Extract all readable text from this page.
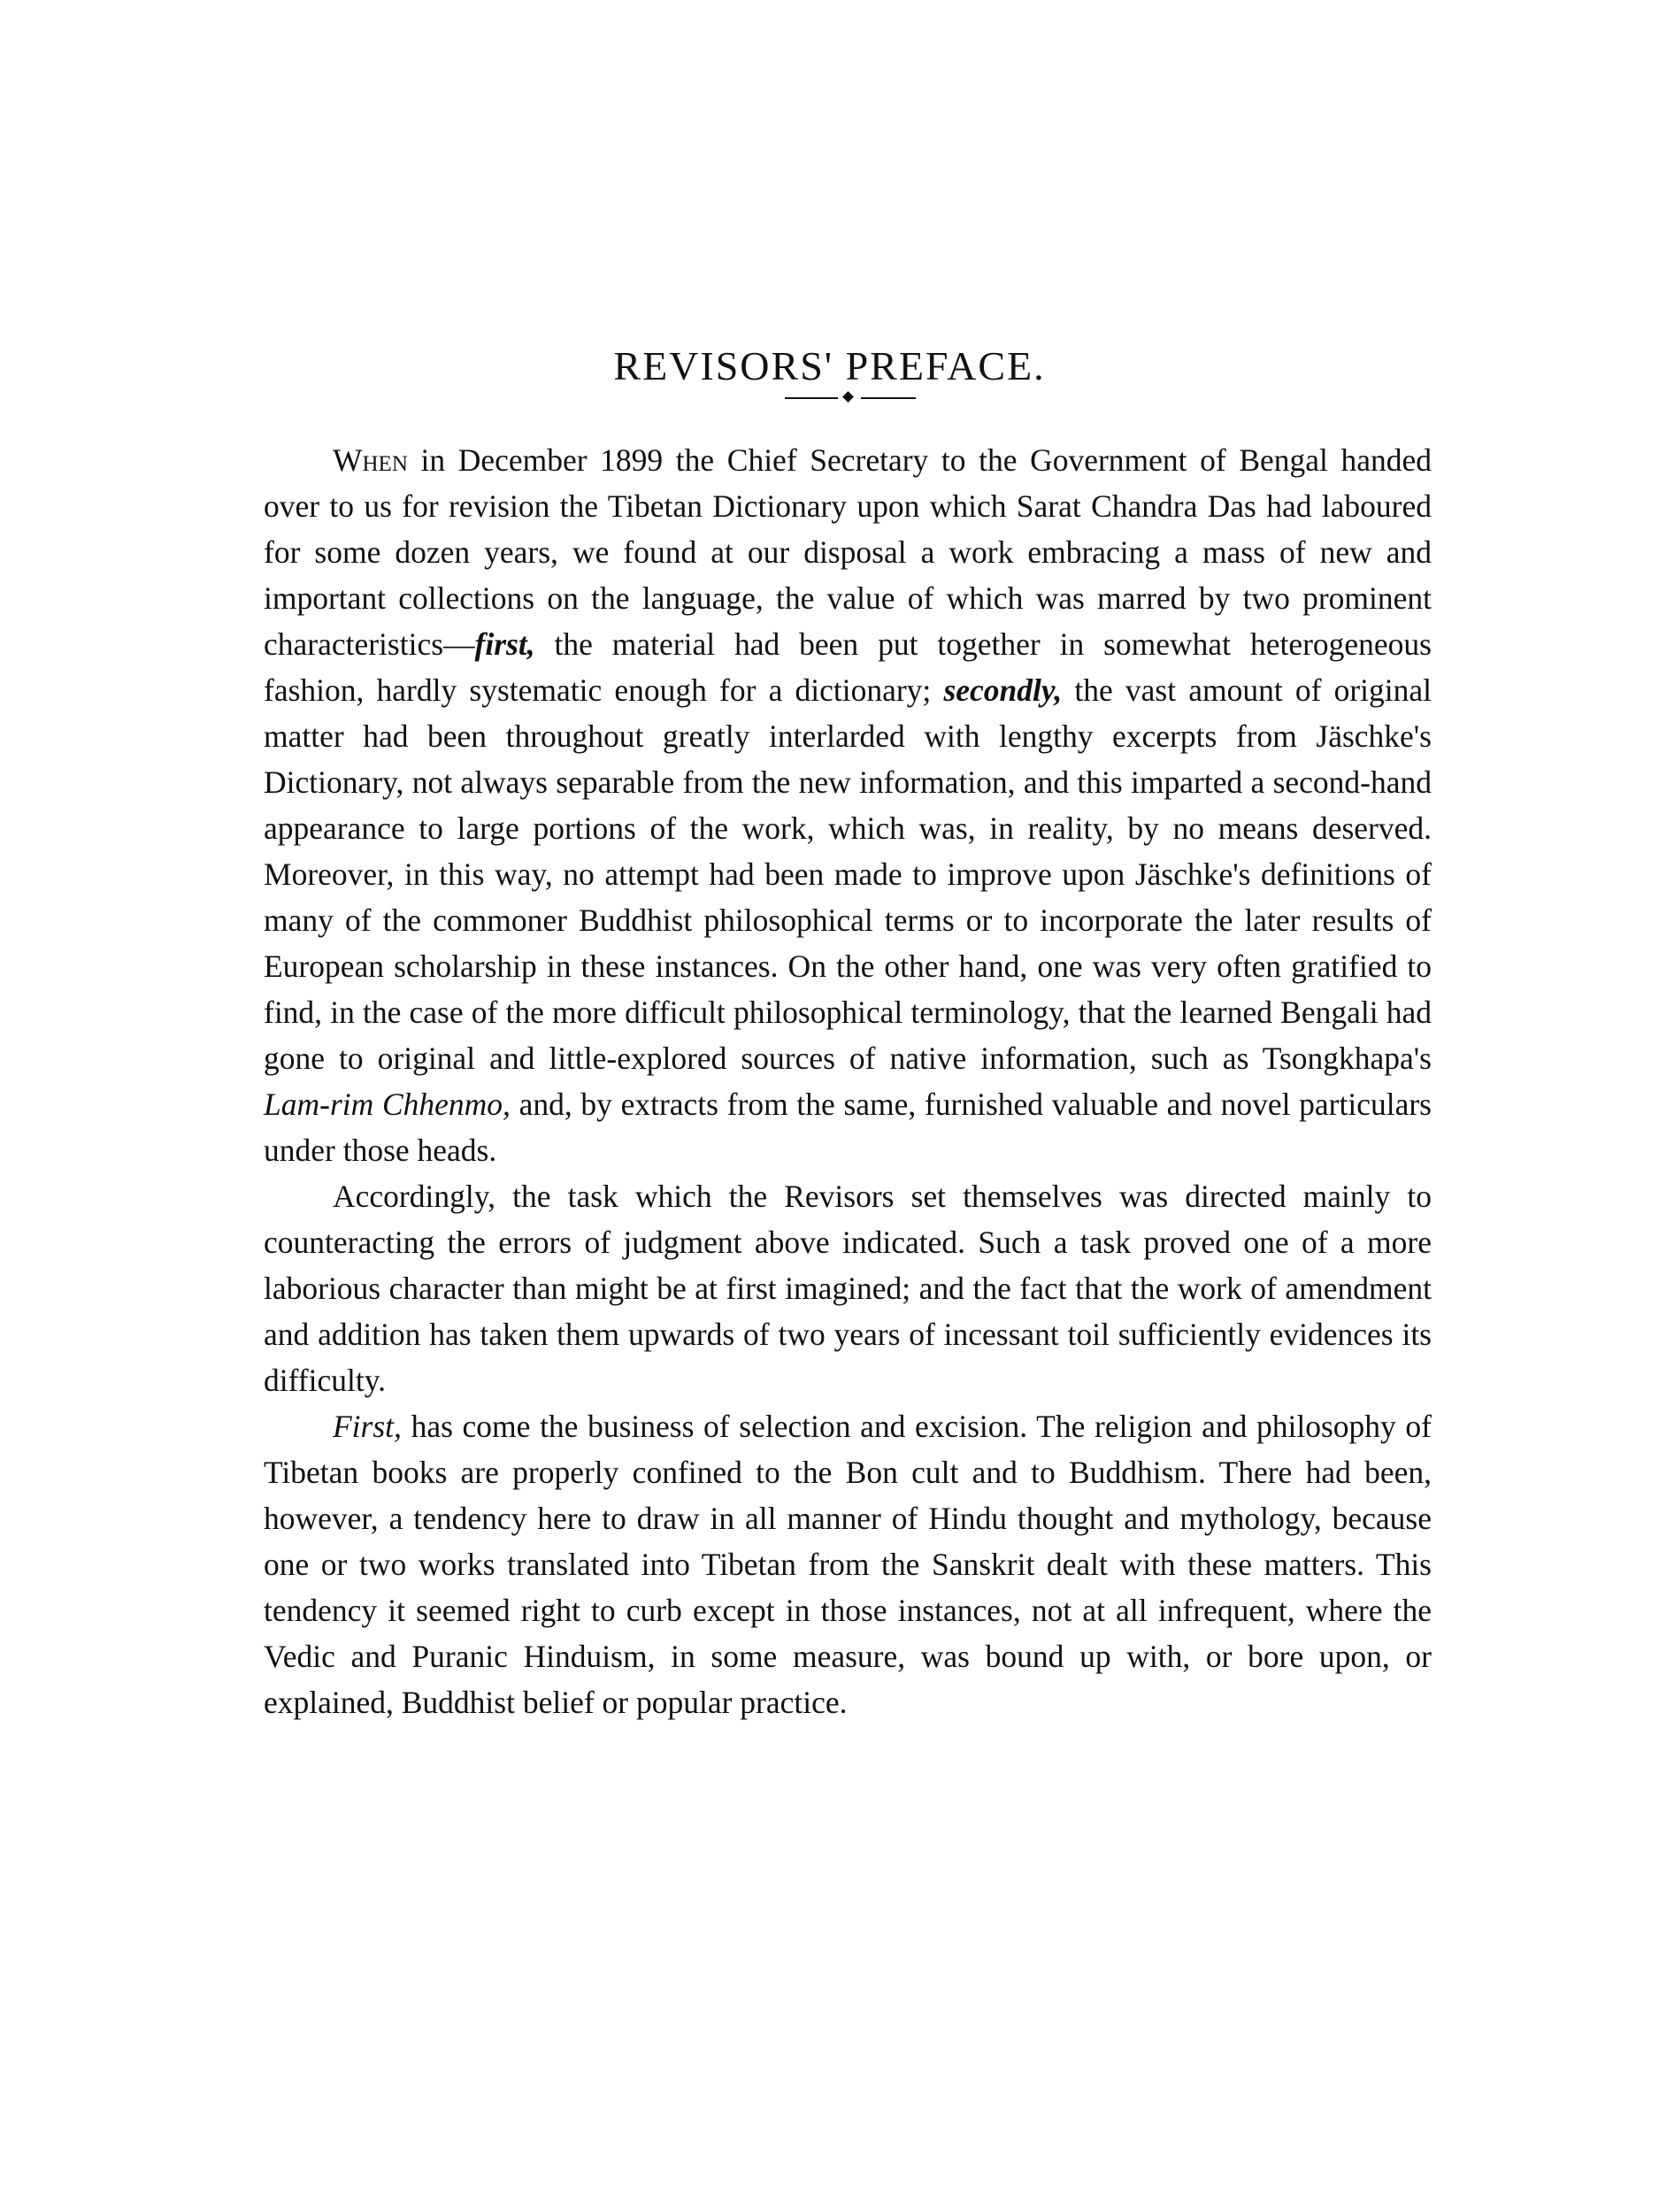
REVISORS' PREFACE.

When in December 1899 the Chief Secretary to the Government of Bengal handed over to us for revision the Tibetan Dictionary upon which Sarat Chandra Das had laboured for some dozen years, we found at our disposal a work embracing a mass of new and important collections on the language, the value of which was marred by two prominent characteristics—first, the material had been put together in somewhat heterogeneous fashion, hardly systematic enough for a dictionary; secondly, the vast amount of original matter had been throughout greatly interlarded with lengthy excerpts from Jäschke's Dictionary, not always separable from the new information, and this imparted a second-hand appearance to large portions of the work, which was, in reality, by no means deserved. Moreover, in this way, no attempt had been made to improve upon Jäschke's definitions of many of the commoner Buddhist philosophical terms or to incorporate the later results of European scholarship in these instances. On the other hand, one was very often gratified to find, in the case of the more difficult philosophical terminology, that the learned Bengali had gone to original and little-explored sources of native information, such as Tsongkhapa's Lam-rim Chhenmo, and, by extracts from the same, furnished valuable and novel particulars under those heads.

Accordingly, the task which the Revisors set themselves was directed mainly to counteracting the errors of judgment above indicated. Such a task proved one of a more laborious character than might be at first imagined; and the fact that the work of amendment and addition has taken them upwards of two years of incessant toil sufficiently evidences its difficulty.

First, has come the business of selection and excision. The religion and philosophy of Tibetan books are properly confined to the Bon cult and to Buddhism. There had been, however, a tendency here to draw in all manner of Hindu thought and mythology, because one or two works translated into Tibetan from the Sanskrit dealt with these matters. This tendency it seemed right to curb except in those instances, not at all infrequent, where the Vedic and Puranic Hinduism, in some measure, was bound up with, or bore upon, or explained, Buddhist belief or popular practice.
